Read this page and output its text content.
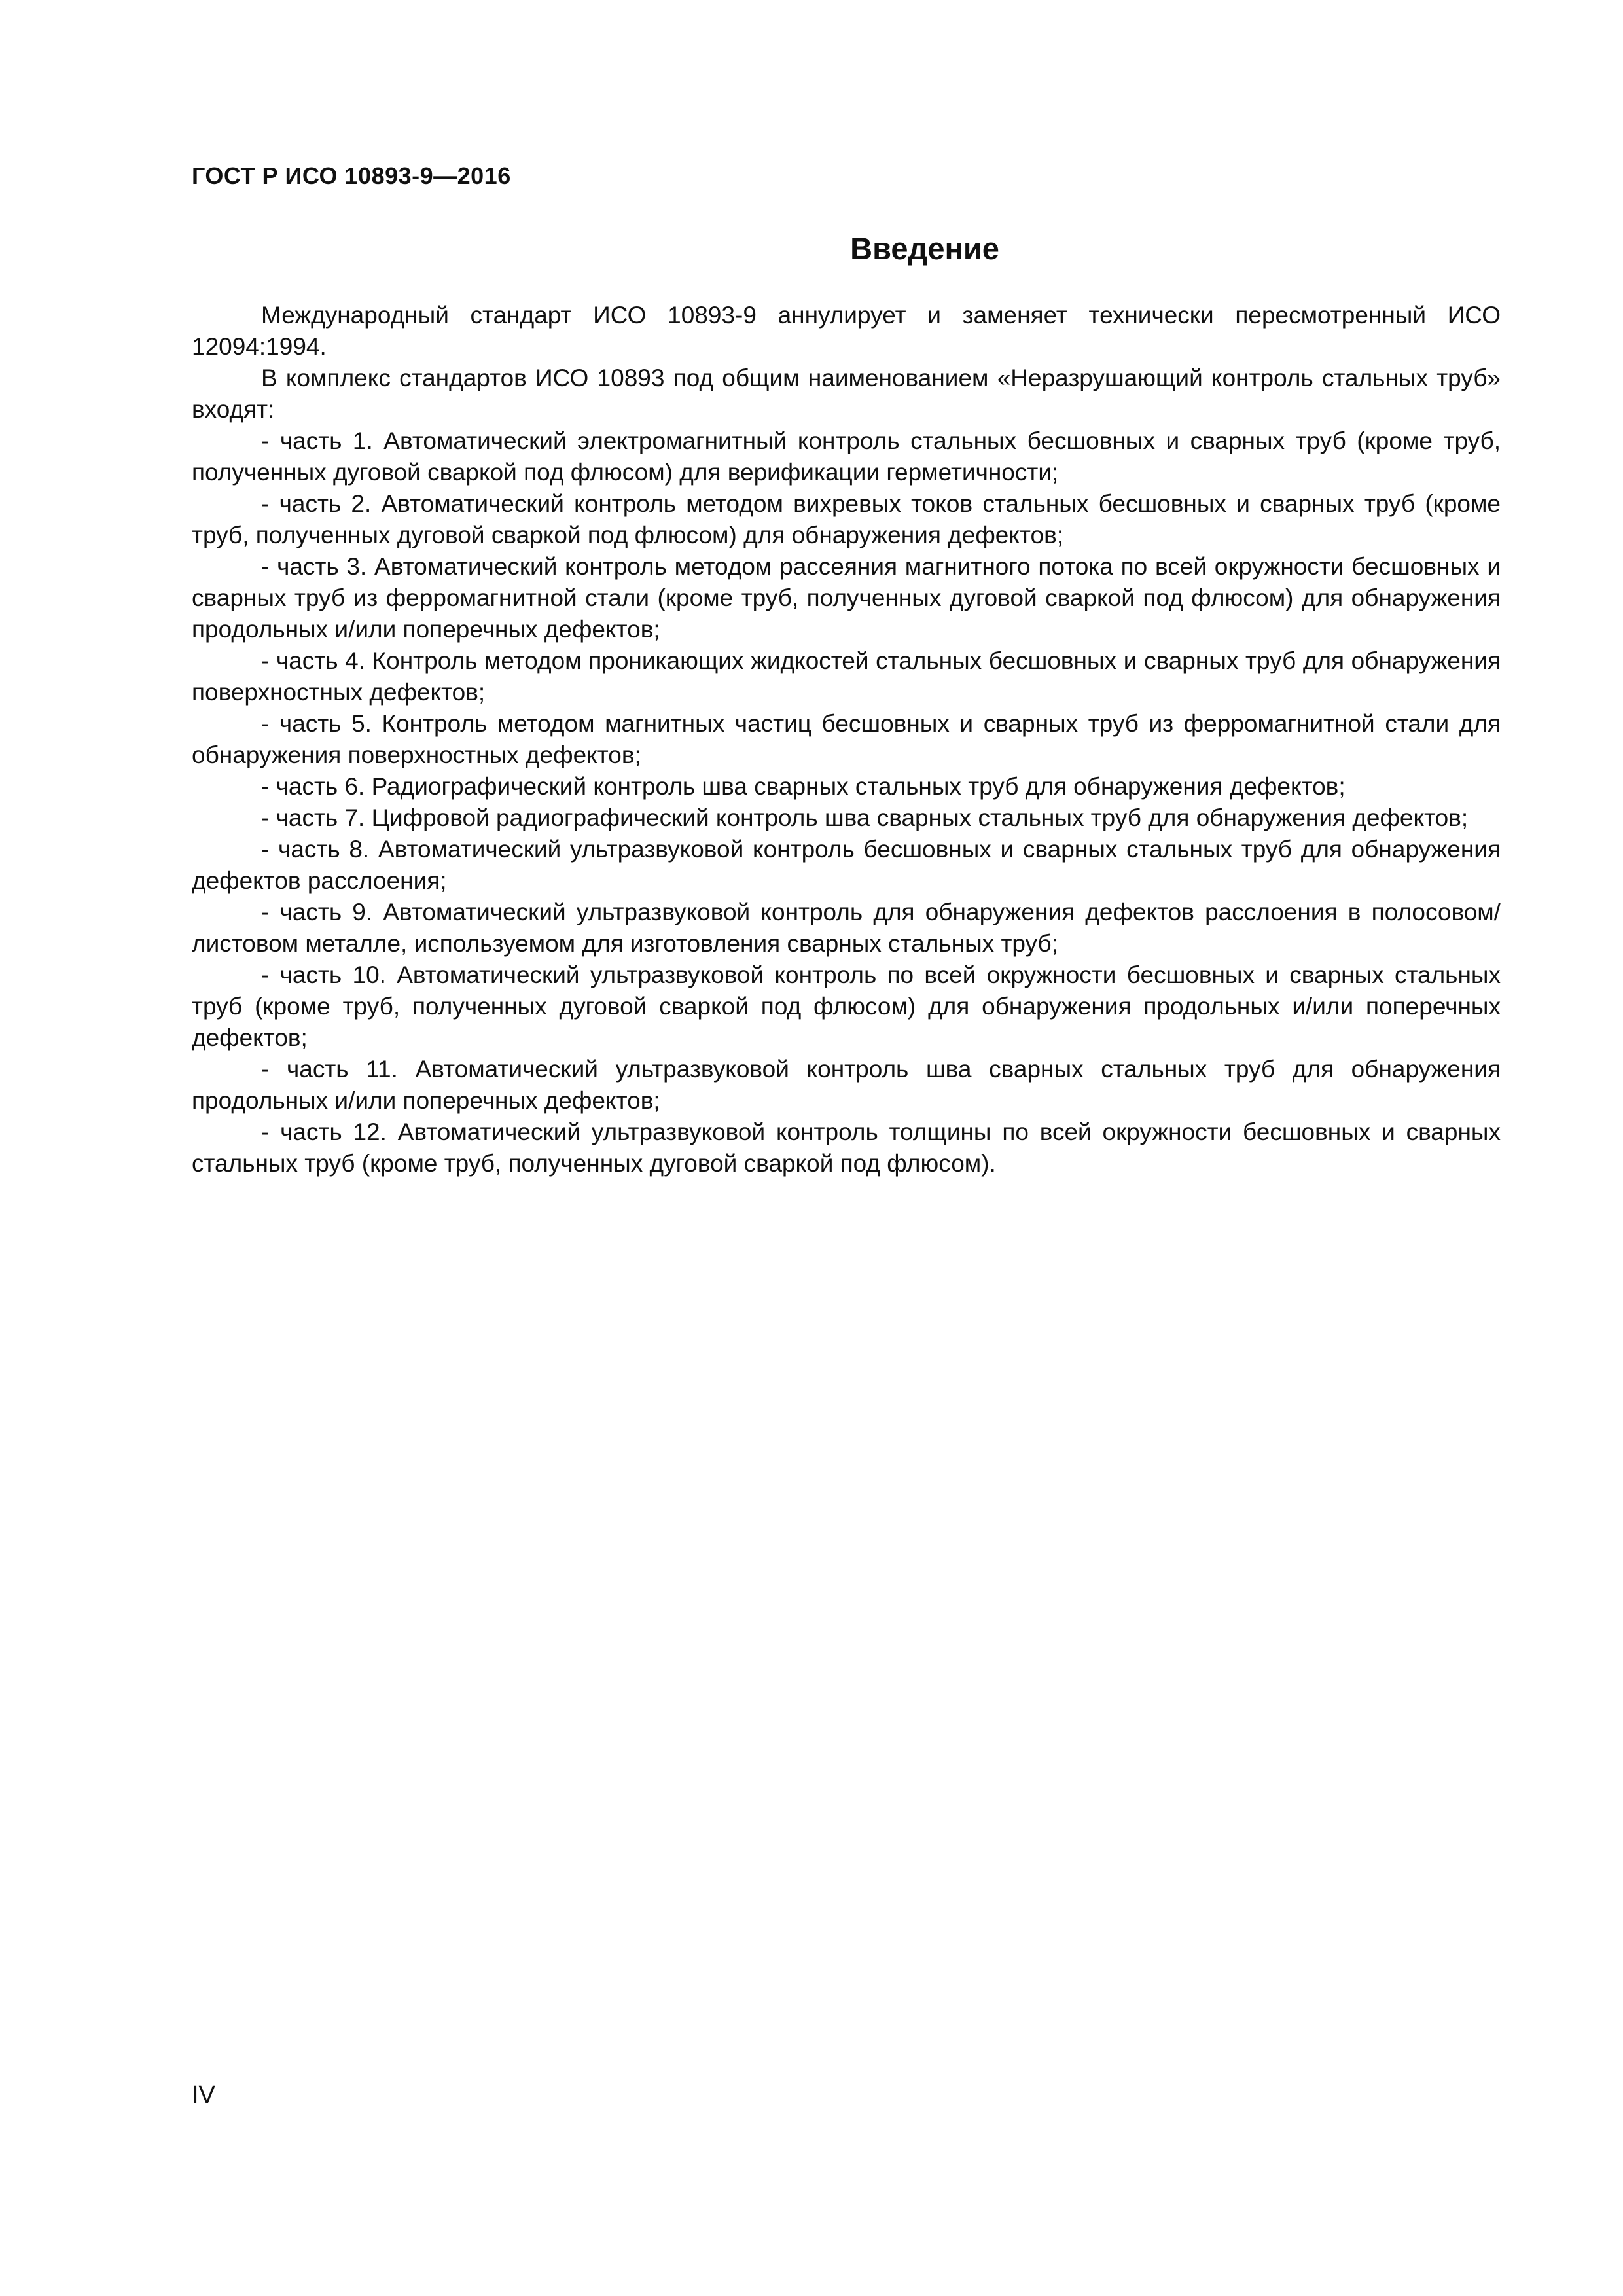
ГОСТ Р ИСО 10893-9—2016
Введение

Международный стандарт ИСО 10893-9 аннулирует и заменяет технически пересмотренный ИСО 12094:1994.

В комплекс стандартов ИСО 10893 под общим наименованием «Неразрушающий контроль стальных труб» входят:

- часть 1. Автоматический электромагнитный контроль стальных бесшовных и сварных труб (кроме труб, полученных дуговой сваркой под флюсом) для верификации герметичности;

- часть 2. Автоматический контроль методом вихревых токов стальных бесшовных и сварных труб (кроме труб, полученных дуговой сваркой под флюсом) для обнаружения дефектов;

- часть 3. Автоматический контроль методом рассеяния магнитного потока по всей окружности бесшовных и сварных труб из ферромагнитной стали (кроме труб, полученных дуговой сваркой под флюсом) для обнаружения продольных и/или поперечных дефектов;

- часть 4. Контроль методом проникающих жидкостей стальных бесшовных и сварных труб для обнаружения поверхностных дефектов;

- часть 5. Контроль методом магнитных частиц бесшовных и сварных труб из ферромагнитной стали для обнаружения поверхностных дефектов;

- часть 6. Радиографический контроль шва сварных стальных труб для обнаружения дефектов;

- часть 7. Цифровой радиографический контроль шва сварных стальных труб для обнаружения дефектов;

- часть 8. Автоматический ультразвуковой контроль бесшовных и сварных стальных труб для обнаружения дефектов расслоения;

- часть 9. Автоматический ультразвуковой контроль для обнаружения дефектов расслоения в полосовом/листовом металле, используемом для изготовления сварных стальных труб;

- часть 10. Автоматический ультразвуковой контроль по всей окружности бесшовных и сварных стальных труб (кроме труб, полученных дуговой сваркой под флюсом) для обнаружения продольных и/или поперечных дефектов;

- часть 11. Автоматический ультразвуковой контроль шва сварных стальных труб для обнаружения продольных и/или поперечных дефектов;

- часть 12. Автоматический ультразвуковой контроль толщины по всей окружности бесшовных и сварных стальных труб (кроме труб, полученных дуговой сваркой под флюсом).

IV
